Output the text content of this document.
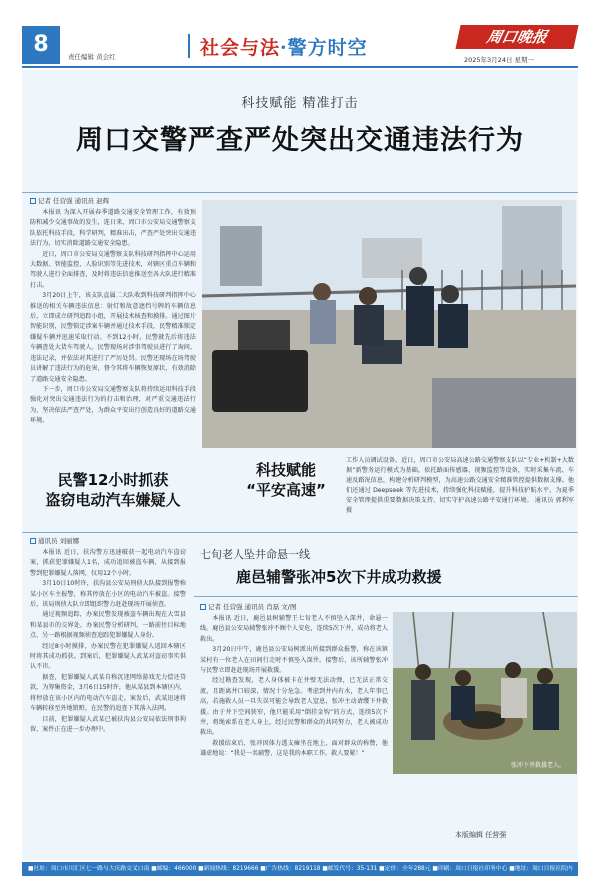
8	责任编辑 黄会红	社会与法·警方时空	周口晚报
2025年3月24日 星期一
科技赋能 精准打击
周口交警严查严处突出交通违法行为
记者 任营强 通讯员 赵辉

本报讯 为深入开展春季道路交通安全管理工作，有效预防和减少交通事故的发生，连日来，周口市公安局交通警察支队依托科技手段，科学研判，精准出击，严查严处突出交通违法行为，切实消除道路交通安全隐患。

近日，周口市公安局交通警察支队科技研判指挥中心运用大数据、智能监控、人脸识别等先进技术，对辖区重点车辆和驾驶人进行全面排查，及时将违法信息推送至各大队进行精准打击。

3月20日上午，该支队直属二大队收到科技研判指挥中心推送的相关车辆违法信息：射灯和故意遮挡号牌的车辆信息后，立即成立研判追踪小组，开展技术核查和摸排。通过图片智能识别，民警锁定涉案车辆并通过技术手段，民警精准锁定嫌疑车辆并迅速采取行动。不到12小时，民警就先后将违法车辆查处大货车驾驶人。民警现场对涉事驾驶员进行了询问、违法记录，并依法对其进行了严厉处罚。民警还现场在场驾驶员讲解了违法行为的危害，督令其将车辆恢复原状，有效消除了道路交通安全隐患。

下一步，周口市公安局交通警察支队将持续运用科技手段强化对突出交通违法行为的打击和治理，对严重交通违法行为，坚决依法严查严处，为群众平安出行创造良好的道路交通环境。

科技赋能
“平安高速”
工作人员调试设备。近日，周口市公安局高速公路交通警察支队以“专业+机制+大数据”新警务运行模式为基础，依托路面传感器、视频监控等设备，实时采集车流、车速及路况信息，构建分析研判模型，为高速公路交通安全精准管控提供数据支撑。他们还通过 Deepseek 等先进技术，持续强化科技赋能，提升科技护航水平，为夏季安全管理提供重要数据决策支持，切实守护高速公路平安通行环境。 通讯员 郭利军 摄
民警12小时抓获
盗窃电动汽车嫌疑人
通讯员 刘丽娜

本报讯 近日，扶沟警方迅速破获一起电动汽车盗窃案，抓获犯罪嫌疑人1名，成功追回被盗车辆，从接到报警到犯罪嫌疑人落网，仅用12个小时。

3月10日10时许，扶沟县公安局刑侦大队接到报警称某小区车主报警，称其停放在小区的电动汽车被盗。接警后，该局刑侦大队立即组织警力赶赴现场开展侦查。

通过视频追踪，办案民警发现被盗车辆出现在大雪县和某县市的交界处，办案民警分析研判，一路前往目标地点，另一路根据视频侦查追踪犯罪嫌疑人身份。

经过8小时摸排，办案民警在犯罪嫌疑人返回本辖区时将其成功抓获。到案后，犯罪嫌疑人武某对盗窃事实供认不讳。

据查，犯罪嫌疑人武某自称沉迷网络游戏无力偿还贷款，为筹集资金，3月6日15时许，他从某县到本辖区内，将停放在该小区内的电动汽车盗走。案发后，武某迅速将车辆转移至外地销赃，在民警的追查下其落入法网。

目前，犯罪嫌疑人武某已被扶沟县公安局依法刑事拘留，案件正在进一步办理中。

七旬老人坠井命悬一线
鹿邑辅警张冲5次下井成功救援
记者 任营强 通讯员 肖磊 文/图

本报讯 近日，鹿邑县树辅警王七旬老人不慎坠入深井，命悬一线。鹿邑县公安局辅警张冲不顾个人安危，连续5次下井，成功将老人救出。

3月20日中午，鹿邑县公安局树派出所接到群众报警，称在该镇某村有一位老人在田间行走时不慎坠入深井。接警后，该所辅警张冲与民警立即赶赴现场开展救援。

经过勘查发现，老人身体被卡在井壁无法动弹，已无法正常交流，且距离井口较深，情况十分危急。考虑到井内有水，老人年事已高，若施救人员一旦失误可能会导致老人窒息，张冲主动请缨下井救援。由于井下空间狭窄，他只能采用“倒挂金钩”的方式，连续5次下井，将绳索系在老人身上，经过民警和群众的共同努力，老人被成功救出。

救援结束后，张冲因体力透支瘫坐在地上，面对群众的称赞，他谦虚地说：“我是一名辅警，这是我的本职工作，救人要紧！”

张冲下井救援老人。
本版编辑 任营强
■社址：周口市川汇区七一路与大庆路交叉口南 ■邮编：466000 ■新闻热线：8219666 ■广告热线：8219118 ■邮发代号：35-131 ■定价：全年288元 ■印刷：周口日报社印务中心 ■地址：周口日报社院内
